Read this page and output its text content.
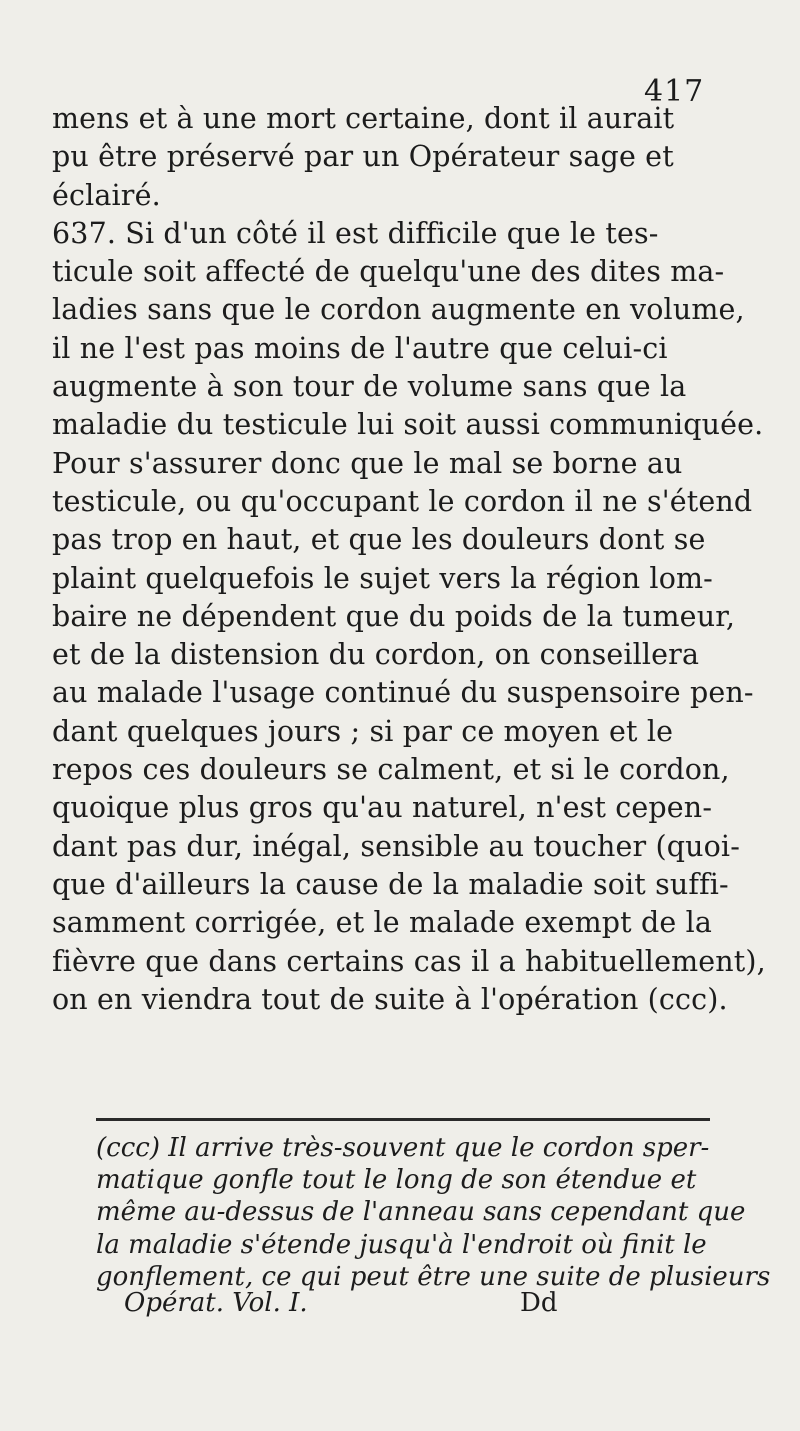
417
mens et à une mort certaine, dont il aurait
pu être préservé par un Opérateur sage et
éclairé.
637. Si d'un côté il est difficile que le tes-
ticule soit affecté de quelqu'une des dites ma-
ladies sans que le cordon augmente en volume,
il ne l'est pas moins de l'autre que celui-ci
augmente à son tour de volume sans que la
maladie du testicule lui soit aussi communiquée.
Pour s'assurer donc que le mal se borne au
testicule, ou qu'occupant le cordon il ne s'étend
pas trop en haut, et que les douleurs dont se
plaint quelquefois le sujet vers la région lom-
baire ne dépendent que du poids de la tumeur,
et de la distension du cordon, on conseillera
au malade l'usage continué du suspensoire pen-
dant quelques jours ; si par ce moyen et le
repos ces douleurs se calment, et si le cordon,
quoique plus gros qu'au naturel, n'est cepen-
dant pas dur, inégal, sensible au toucher (quoi-
que d'ailleurs la cause de la maladie soit suffi-
samment corrigée, et le malade exempt de la
fièvre que dans certains cas il a habituellement),
on en viendra tout de suite à l'opération (ccc).
(ccc) Il arrive très-souvent que le cordon sper-
matique gonfle tout le long de son étendue et
même au-dessus de l'anneau sans cependant que
la maladie s'étende jusqu'à l'endroit où finit le
gonflement, ce qui peut être une suite de plusieurs
Opérat. Vol. I.	Dd
